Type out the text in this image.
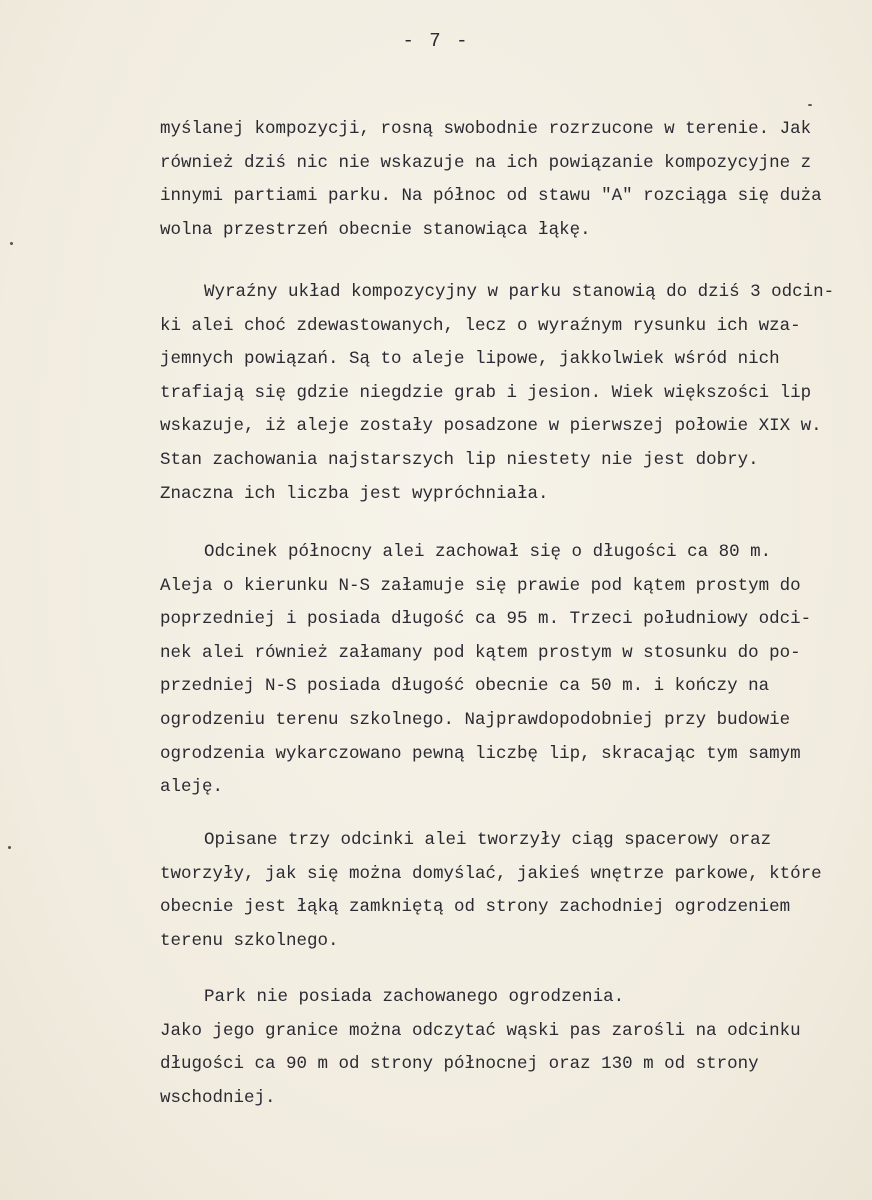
- 7 -
myślanej kompozycji, rosną swobodnie rozrzucone w terenie. Jak
również dziś nic nie wskazuje na ich powiązanie kompozycyjne z
innymi partiami parku. Na północ od stawu "A" rozciąga się duża
wolna przestrzeń obecnie stanowiąca łąkę.
Wyraźny układ kompozycyjny w parku stanowią do dziś 3 odcin-
ki alei choć zdewastowanych, lecz o wyraźnym rysunku ich wza-
jemnych powiązań. Są to aleje lipowe, jakkolwiek wśród nich
trafiają się gdzie niegdzie grab i jesion. Wiek większości lip
wskazuje, iż aleje zostały posadzone w pierwszej połowie XIX w.
Stan zachowania najstarszych lip niestety nie jest dobry.
Znaczna ich liczba jest wypróchniała.
Odcinek północny alei zachował się o długości ca 80 m.
Aleja o kierunku N-S załamuje się prawie pod kątem prostym do
poprzedniej i posiada długość ca 95 m. Trzeci południowy odci-
nek alei również załamany pod kątem prostym w stosunku do po-
przedniej N-S posiada długość obecnie ca 50 m. i kończy na
ogrodzeniu terenu szkolnego. Najprawdopodobniej przy budowie
ogrodzenia wykarczowano pewną liczbę lip, skracając tym samym
aleję.
Opisane trzy odcinki alei tworzyły ciąg spacerowy oraz
tworzyły, jak się można domyślać, jakieś wnętrze parkowe, które
obecnie jest łąką zamkniętą od strony zachodniej ogrodzeniem
terenu szkolnego.
Park nie posiada zachowanego ogrodzenia.
Jako jego granice można odczytać wąski pas zarośli na odcinku
długości ca 90 m od strony północnej oraz 130 m od strony
wschodniej.
